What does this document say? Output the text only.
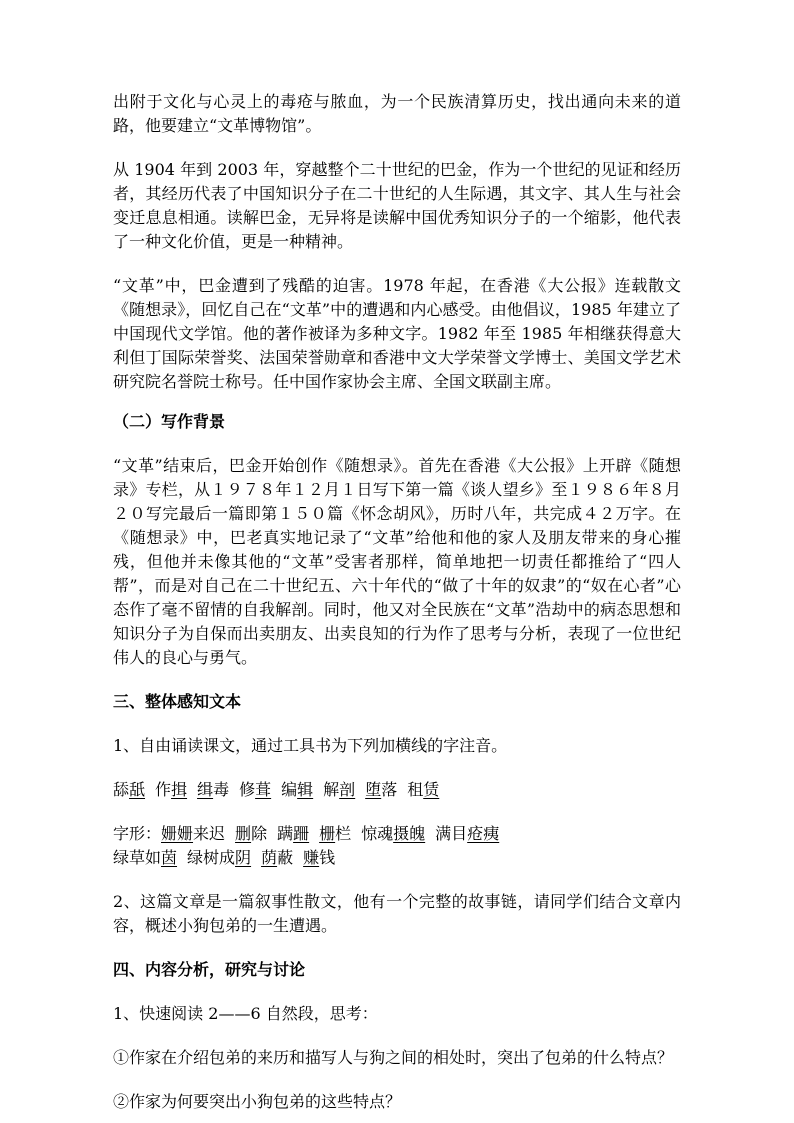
出附于文化与心灵上的毒疮与脓血，为一个民族清算历史，找出通向未来的道路，他要建立“文革博物馆”。

从 1904 年到 2003 年，穿越整个二十世纪的巴金，作为一个世纪的见证和经历者，其经历代表了中国知识分子在二十世纪的人生际遇，其文字、其人生与社会变迁息息相通。读解巴金，无异将是读解中国优秀知识分子的一个缩影，他代表了一种文化价值，更是一种精神。

“文革”中，巴金遭到了残酷的迫害。1978 年起，在香港《大公报》连载散文《随想录》，回忆自己在“文革”中的遭遇和内心感受。由他倡议，1985 年建立了中国现代文学馆。他的著作被译为多种文字。1982 年至 1985 年相继获得意大利但丁国际荣誉奖、法国荣誉勋章和香港中文大学荣誉文学博士、美国文学艺术研究院名誉院士称号。任中国作家协会主席、全国文联副主席。

（二）写作背景

“文革”结束后，巴金开始创作《随想录》。首先在香港《大公报》上开辟《随想录》专栏，从１９７８年１２月１日写下第一篇《谈人望乡》至１９８６年８月２０写完最后一篇即第１５０篇《怀念胡风》，历时八年，共完成４２万字。在《随想录》中，巴老真实地记录了“文革”给他和他的家人及朋友带来的身心摧残，但他并未像其他的“文革”受害者那样，简单地把一切责任都推给了“四人帮”，而是对自己在二十世纪五、六十年代的“做了十年的奴隶”的“奴在心者”心态作了毫不留情的自我解剖。同时，他又对全民族在“文革”浩劫中的病态思想和知识分子为自保而出卖朋友、出卖良知的行为作了思考与分析，表现了一位世纪伟人的良心与勇气。

三、整体感知文本

1、自由诵读课文，通过工具书为下列加横线的字注音。

舔舐 作揖 缉毒 修葺 编辑 解剖 堕落 租赁

字形：姗姗来迟 删除 蹒跚 栅栏 惊魂摄魄 满目疮痍

绿草如茵 绿树成阴 荫蔽 赚钱

2、这篇文章是一篇叙事性散文，他有一个完整的故事链，请同学们结合文章内容，概述小狗包弟的一生遭遇。

四、内容分析，研究与讨论

1、快速阅读 2——6 自然段，思考：

①作家在介绍包弟的来历和描写人与狗之间的相处时，突出了包弟的什么特点？

②作家为何要突出小狗包弟的这些特点？
